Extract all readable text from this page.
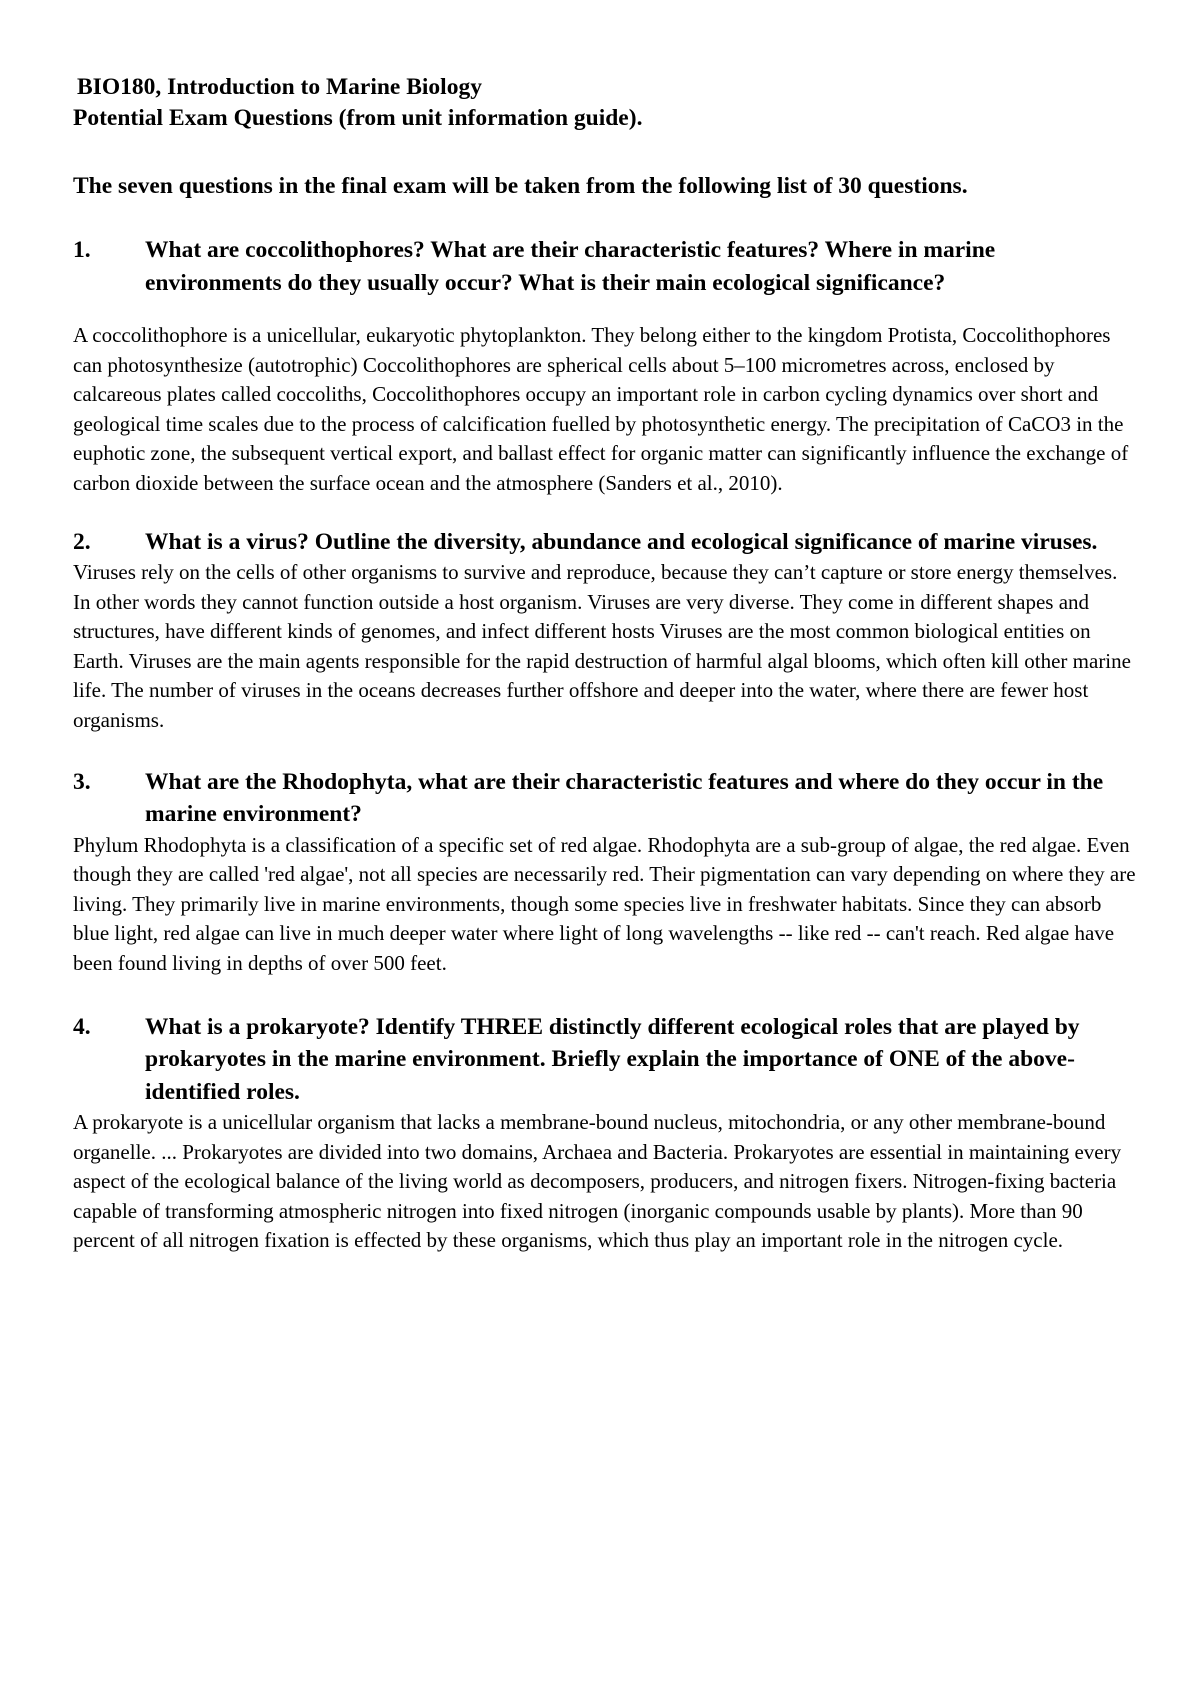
BIO180, Introduction to Marine Biology
Potential Exam Questions (from unit information guide).
The seven questions in the final exam will be taken from the following list of 30 questions.
1.	What are coccolithophores? What are their characteristic features? Where in marine environments do they usually occur? What is their main ecological significance?

A coccolithophore is a unicellular, eukaryotic phytoplankton. They belong either to the kingdom Protista, Coccolithophores can photosynthesize (autotrophic) Coccolithophores are spherical cells about 5–100 micrometres across, enclosed by calcareous plates called coccoliths, Coccolithophores occupy an important role in carbon cycling dynamics over short and geological time scales due to the process of calcification fuelled by photosynthetic energy. The precipitation of CaCO3 in the euphotic zone, the subsequent vertical export, and ballast effect for organic matter can significantly influence the exchange of carbon dioxide between the surface ocean and the atmosphere (Sanders et al., 2010).

2.	What is a virus? Outline the diversity, abundance and ecological significance of marine viruses.

Viruses rely on the cells of other organisms to survive and reproduce, because they can’t capture or store energy themselves. In other words they cannot function outside a host organism. Viruses are very diverse. They come in different shapes and structures, have different kinds of genomes, and infect different hosts Viruses are the most common biological entities on Earth. Viruses are the main agents responsible for the rapid destruction of harmful algal blooms, which often kill other marine life. The number of viruses in the oceans decreases further offshore and deeper into the water, where there are fewer host organisms.

3.	What are the Rhodophyta, what are their characteristic features and where do they occur in the marine environment?

Phylum Rhodophyta is a classification of a specific set of red algae. Rhodophyta are a sub-group of algae, the red algae. Even though they are called 'red algae', not all species are necessarily red. Their pigmentation can vary depending on where they are living. They primarily live in marine environments, though some species live in freshwater habitats. Since they can absorb blue light, red algae can live in much deeper water where light of long wavelengths -- like red -- can't reach. Red algae have been found living in depths of over 500 feet.

4.	What is a prokaryote? Identify THREE distinctly different ecological roles that are played by prokaryotes in the marine environment. Briefly explain the importance of ONE of the above-identified roles.

A prokaryote is a unicellular organism that lacks a membrane-bound nucleus, mitochondria, or any other membrane-bound organelle. ... Prokaryotes are divided into two domains, Archaea and Bacteria. Prokaryotes are essential in maintaining every aspect of the ecological balance of the living world as decomposers, producers, and nitrogen fixers. Nitrogen-fixing bacteria capable of transforming atmospheric nitrogen into fixed nitrogen (inorganic compounds usable by plants). More than 90 percent of all nitrogen fixation is effected by these organisms, which thus play an important role in the nitrogen cycle.
